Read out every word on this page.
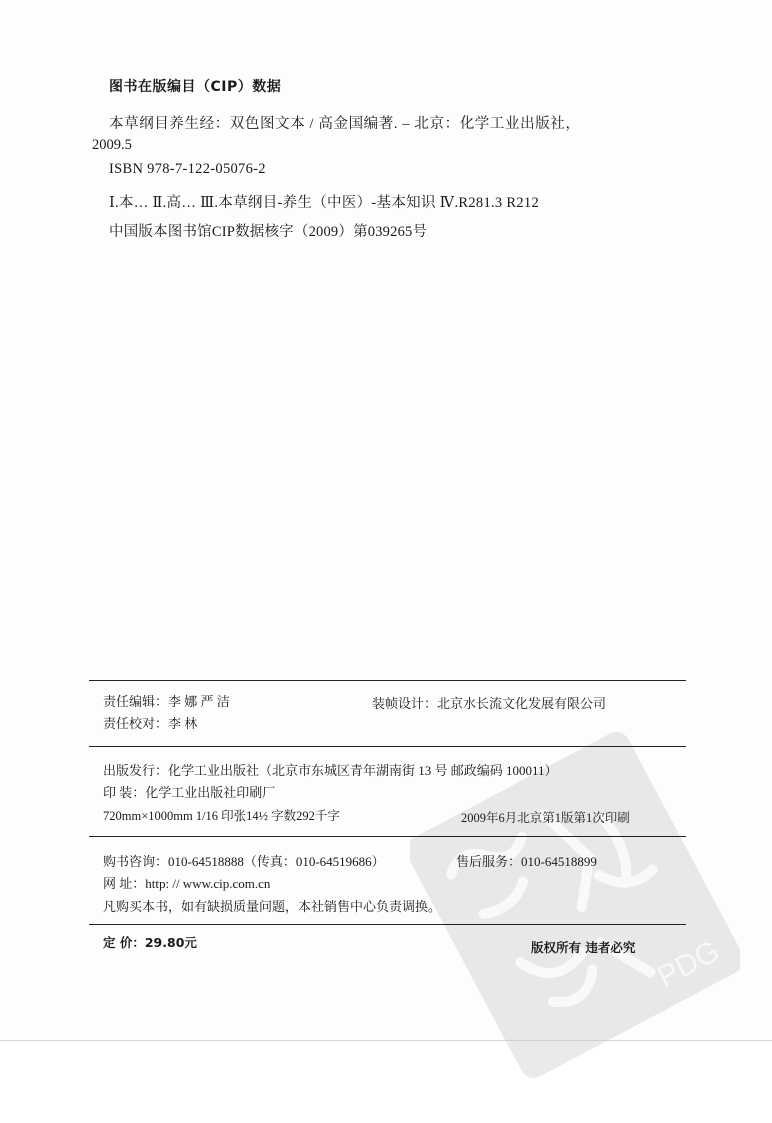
图书在版编目（CIP）数据
本草纲目养生经：双色图文本 / 高金国编著. – 北京：化学工业出版社，
2009.5
ISBN 978-7-122-05076-2
Ⅰ.本… Ⅱ.高… Ⅲ.本草纲目-养生（中医）-基本知识 Ⅳ.R281.3 R212
中国版本图书馆CIP数据核字（2009）第039265号
PDG
责任编辑：李 娜 严 洁	装帧设计：北京水长流文化发展有限公司
责任校对：李 林
出版发行：化学工业出版社（北京市东城区青年湖南街 13 号 邮政编码 100011）
印 装：化学工业出版社印刷厂
720mm×1000mm 1/16 印张14½ 字数292千字	2009年6月北京第1版第1次印刷
购书咨询：010-64518888（传真：010-64519686）	售后服务：010-64518899
网 址：http: // www.cip.com.cn
凡购买本书，如有缺损质量问题，本社销售中心负责调换。
定 价：29.80元	版权所有 违者必究
